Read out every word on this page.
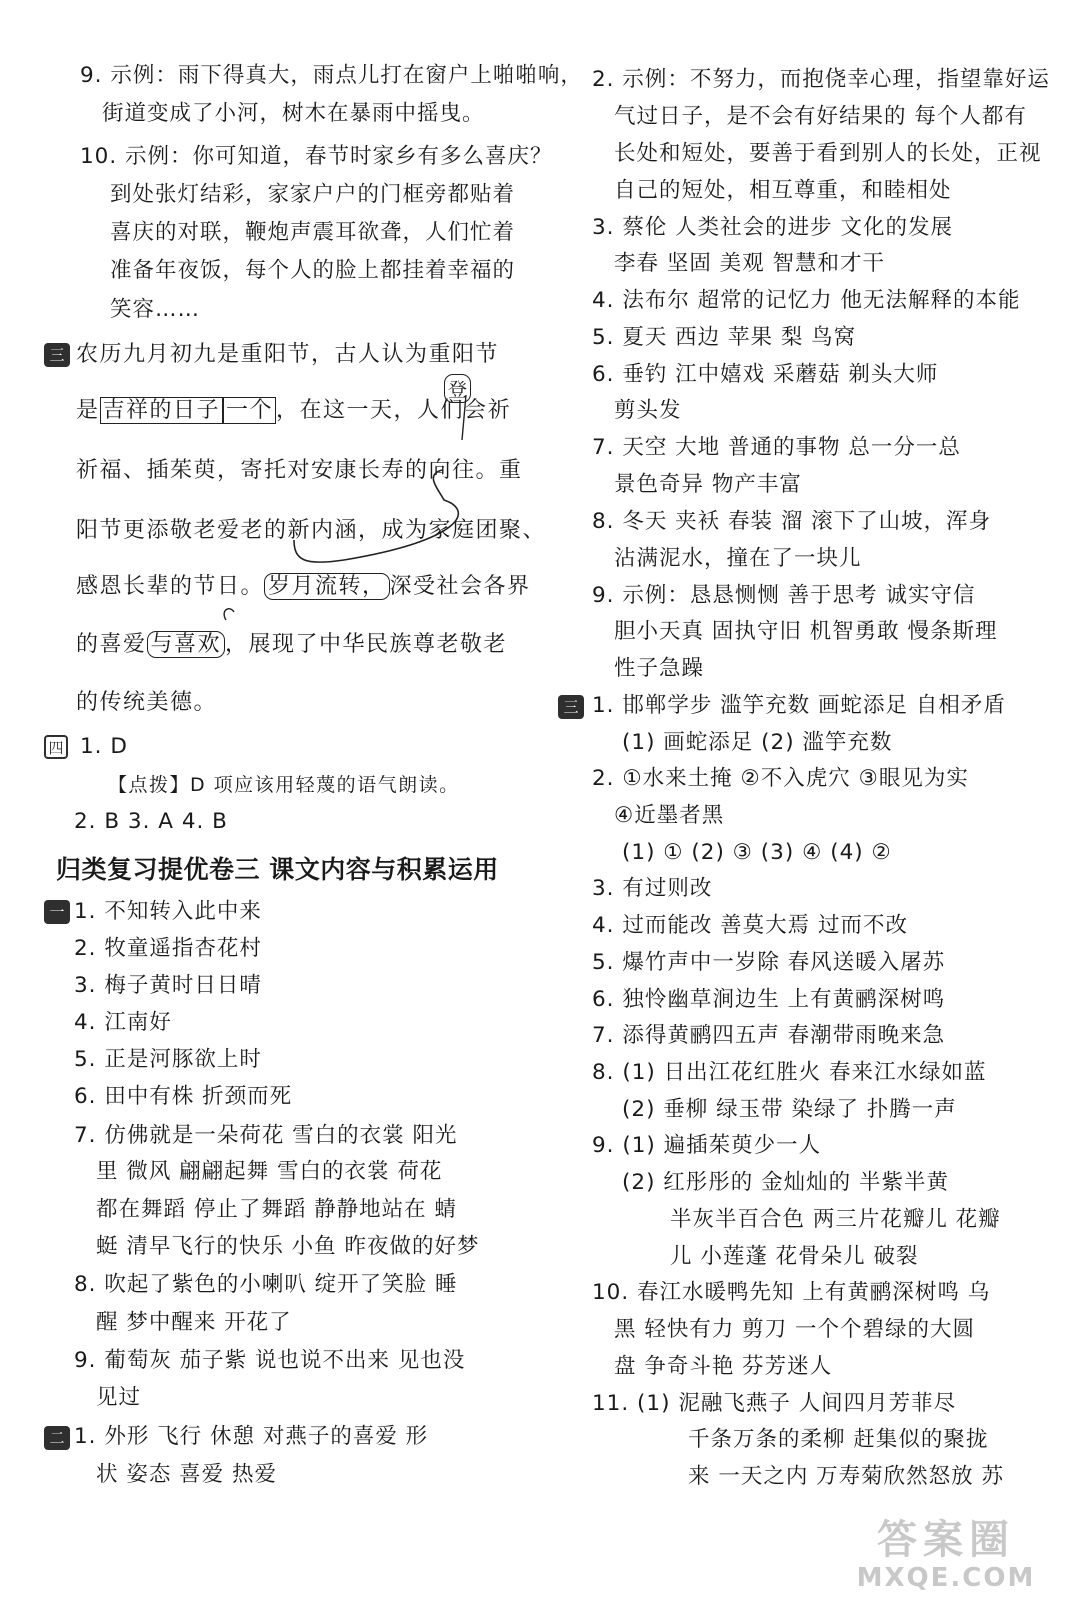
9. 示例：雨下得真大，雨点儿打在窗户上啪啪响，
街道变成了小河，树木在暴雨中摇曳。
10. 示例：你可知道，春节时家乡有多么喜庆？
到处张灯结彩，家家户户的门框旁都贴着
喜庆的对联，鞭炮声震耳欲聋，人们忙着
准备年夜饭，每个人的脸上都挂着幸福的
笑容……
三 农历九月初九是重阳节，古人认为重阳节
是 吉祥的日子 一个 ，在这一天，人们会祈
登
祈福、插茱萸，寄托对安康长寿的向往。重
阳节更添敬老爱老的新内涵，成为家庭团聚、
感恩长辈的节日。 岁月流转， 深受社会各界
的喜爱 与喜欢 ，展现了中华民族尊老敬老
的传统美德。
四 1. D
【点拨】D 项应该用轻蔑的语气朗读。
2. B 3. A 4. B
归类复习提优卷三 课文内容与积累运用
一 1. 不知转入此中来
2. 牧童遥指杏花村
3. 梅子黄时日日晴
4. 江南好
5. 正是河豚欲上时
6. 田中有株 折颈而死
7. 仿佛就是一朵荷花 雪白的衣裳 阳光
里 微风 翩翩起舞 雪白的衣裳 荷花
都在舞蹈 停止了舞蹈 静静地站在 蜻
蜓 清早飞行的快乐 小鱼 昨夜做的好梦
8. 吹起了紫色的小喇叭 绽开了笑脸 睡
醒 梦中醒来 开花了
9. 葡萄灰 茄子紫 说也说不出来 见也没
见过
二 1. 外形 飞行 休憩 对燕子的喜爱 形
状 姿态 喜爱 热爱
2. 示例：不努力，而抱侥幸心理，指望靠好运
气过日子，是不会有好结果的 每个人都有
长处和短处，要善于看到别人的长处，正视
自己的短处，相互尊重，和睦相处
3. 蔡伦 人类社会的进步 文化的发展
李春 坚固 美观 智慧和才干
4. 法布尔 超常的记忆力 他无法解释的本能
5. 夏天 西边 苹果 梨 鸟窝
6. 垂钓 江中嬉戏 采蘑菇 剃头大师
剪头发
7. 天空 大地 普通的事物 总一分一总
景色奇异 物产丰富
8. 冬天 夹袄 春装 溜 滚下了山坡，浑身
沾满泥水，撞在了一块儿
9. 示例：恳恳恻恻 善于思考 诚实守信
胆小天真 固执守旧 机智勇敢 慢条斯理
性子急躁
三 1. 邯郸学步 滥竽充数 画蛇添足 自相矛盾
(1) 画蛇添足 (2) 滥竽充数
2. ①水来土掩 ②不入虎穴 ③眼见为实
④近墨者黑
(1) ① (2) ③ (3) ④ (4) ②
3. 有过则改
4. 过而能改 善莫大焉 过而不改
5. 爆竹声中一岁除 春风送暖入屠苏
6. 独怜幽草涧边生 上有黄鹂深树鸣
7. 添得黄鹂四五声 春潮带雨晚来急
8. (1) 日出江花红胜火 春来江水绿如蓝
(2) 垂柳 绿玉带 染绿了 扑腾一声
9. (1) 遍插茱萸少一人
(2) 红彤彤的 金灿灿的 半紫半黄
半灰半百合色 两三片花瓣儿 花瓣
儿 小莲蓬 花骨朵儿 破裂
10. 春江水暖鸭先知 上有黄鹂深树鸣 乌
黑 轻快有力 剪刀 一个个碧绿的大圆
盘 争奇斗艳 芬芳迷人
11. (1) 泥融飞燕子 人间四月芳菲尽
千条万条的柔柳 赶集似的聚拢
来 一天之内 万寿菊欣然怒放 苏
答案圈
MXQE.COM
